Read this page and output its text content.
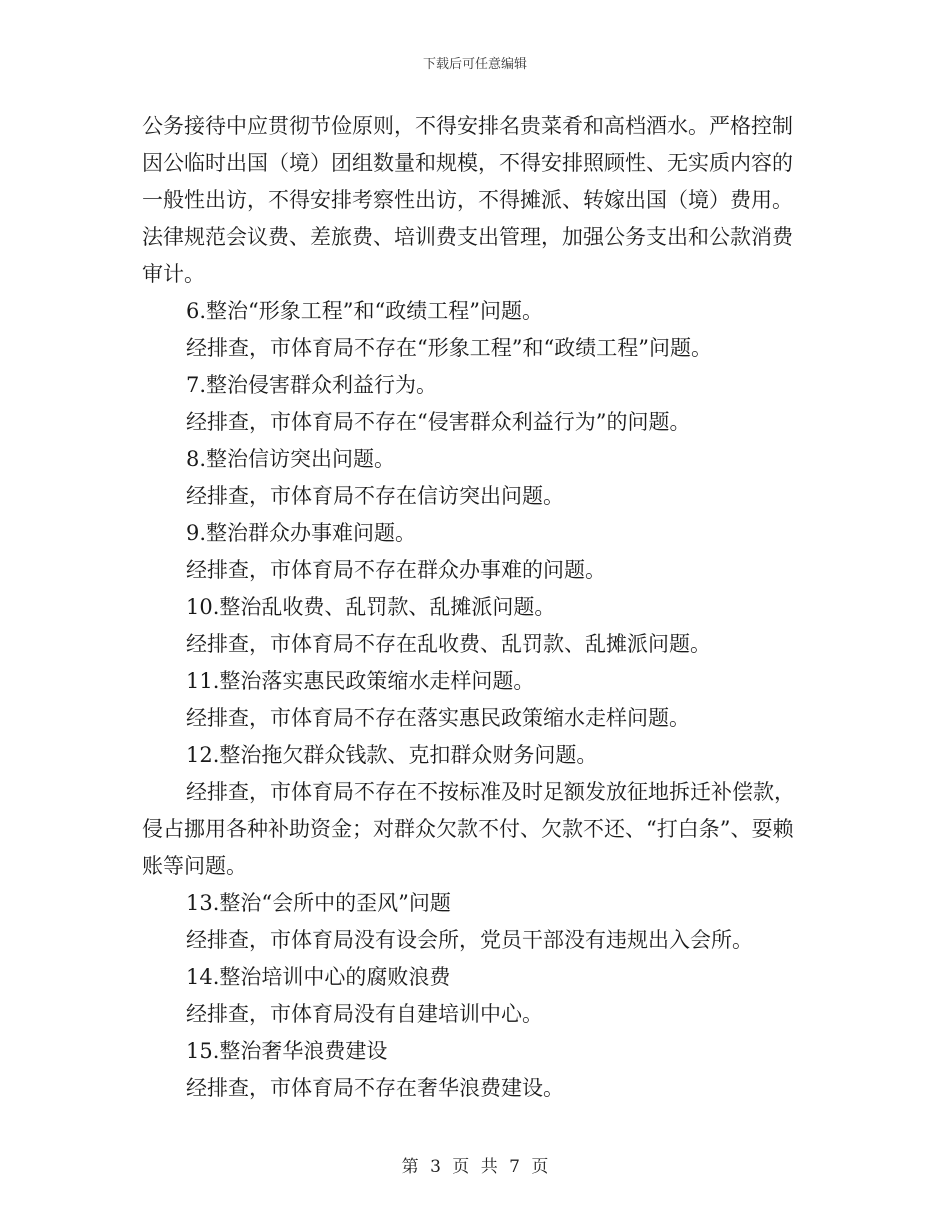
下载后可任意编辑

公务接待中应贯彻节俭原则，不得安排名贵菜肴和高档酒水。严格控制因公临时出国（境）团组数量和规模，不得安排照顾性、无实质内容的一般性出访，不得安排考察性出访，不得摊派、转嫁出国（境）费用。法律规范会议费、差旅费、培训费支出管理，加强公务支出和公款消费审计。

6.整治“形象工程”和“政绩工程”问题。

经排查，市体育局不存在“形象工程”和“政绩工程”问题。

7.整治侵害群众利益行为。

经排查，市体育局不存在“侵害群众利益行为”的问题。

8.整治信访突出问题。

经排查，市体育局不存在信访突出问题。

9.整治群众办事难问题。

经排查，市体育局不存在群众办事难的问题。

10.整治乱收费、乱罚款、乱摊派问题。

经排查，市体育局不存在乱收费、乱罚款、乱摊派问题。

11.整治落实惠民政策缩水走样问题。

经排查，市体育局不存在落实惠民政策缩水走样问题。

12.整治拖欠群众钱款、克扣群众财务问题。

经排查，市体育局不存在不按标准及时足额发放征地拆迁补偿款，侵占挪用各种补助资金；对群众欠款不付、欠款不还、“打白条”、耍赖账等问题。

13.整治“会所中的歪风”问题

经排查，市体育局没有设会所，党员干部没有违规出入会所。

14.整治培训中心的腐败浪费

经排查，市体育局没有自建培训中心。

15.整治奢华浪费建设

经排查，市体育局不存在奢华浪费建设。

第 3 页 共 7 页
